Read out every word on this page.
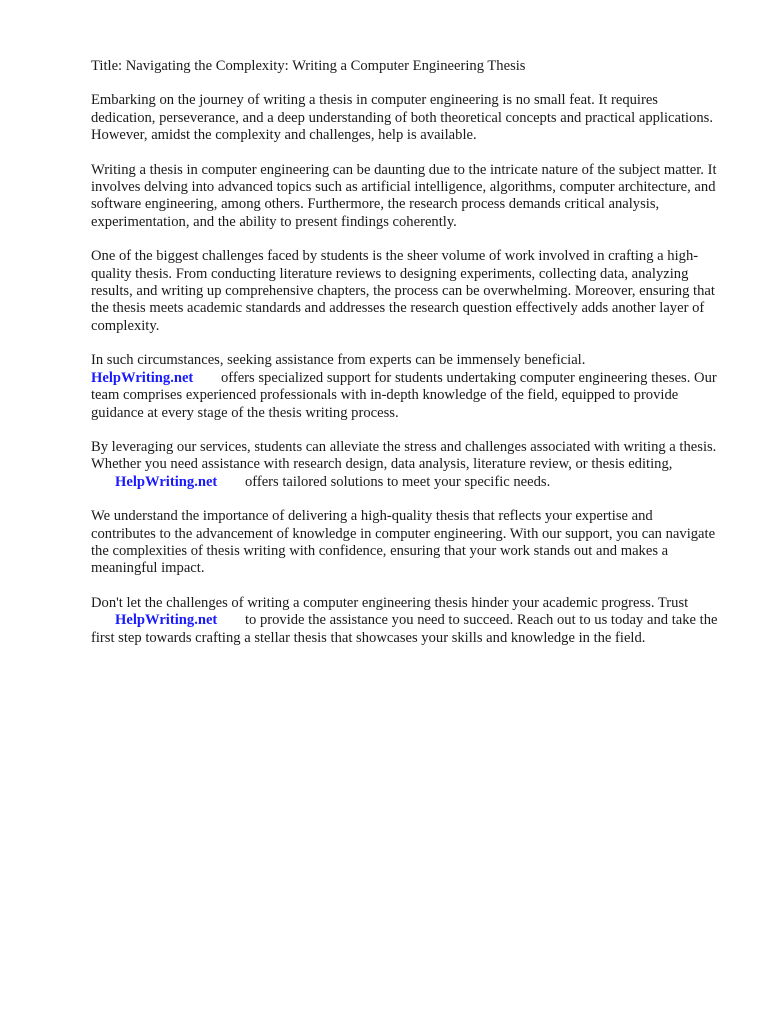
Title: Navigating the Complexity: Writing a Computer Engineering Thesis

Embarking on the journey of writing a thesis in computer engineering is no small feat. It requires dedication, perseverance, and a deep understanding of both theoretical concepts and practical applications. However, amidst the complexity and challenges, help is available.

Writing a thesis in computer engineering can be daunting due to the intricate nature of the subject matter. It involves delving into advanced topics such as artificial intelligence, algorithms, computer architecture, and software engineering, among others. Furthermore, the research process demands critical analysis, experimentation, and the ability to present findings coherently.

One of the biggest challenges faced by students is the sheer volume of work involved in crafting a high-quality thesis. From conducting literature reviews to designing experiments, collecting data, analyzing results, and writing up comprehensive chapters, the process can be overwhelming. Moreover, ensuring that the thesis meets academic standards and addresses the research question effectively adds another layer of complexity.

In such circumstances, seeking assistance from experts can be immensely beneficial.
HelpWriting.net offers specialized support for students undertaking computer engineering theses. Our team comprises experienced professionals with in-depth knowledge of the field, equipped to provide guidance at every stage of the thesis writing process.

By leveraging our services, students can alleviate the stress and challenges associated with writing a thesis. Whether you need assistance with research design, data analysis, literature review, or thesis editing, HelpWriting.net offers tailored solutions to meet your specific needs.

We understand the importance of delivering a high-quality thesis that reflects your expertise and contributes to the advancement of knowledge in computer engineering. With our support, you can navigate the complexities of thesis writing with confidence, ensuring that your work stands out and makes a meaningful impact.

Don't let the challenges of writing a computer engineering thesis hinder your academic progress. Trust HelpWriting.net to provide the assistance you need to succeed. Reach out to us today and take the first step towards crafting a stellar thesis that showcases your skills and knowledge in the field.
